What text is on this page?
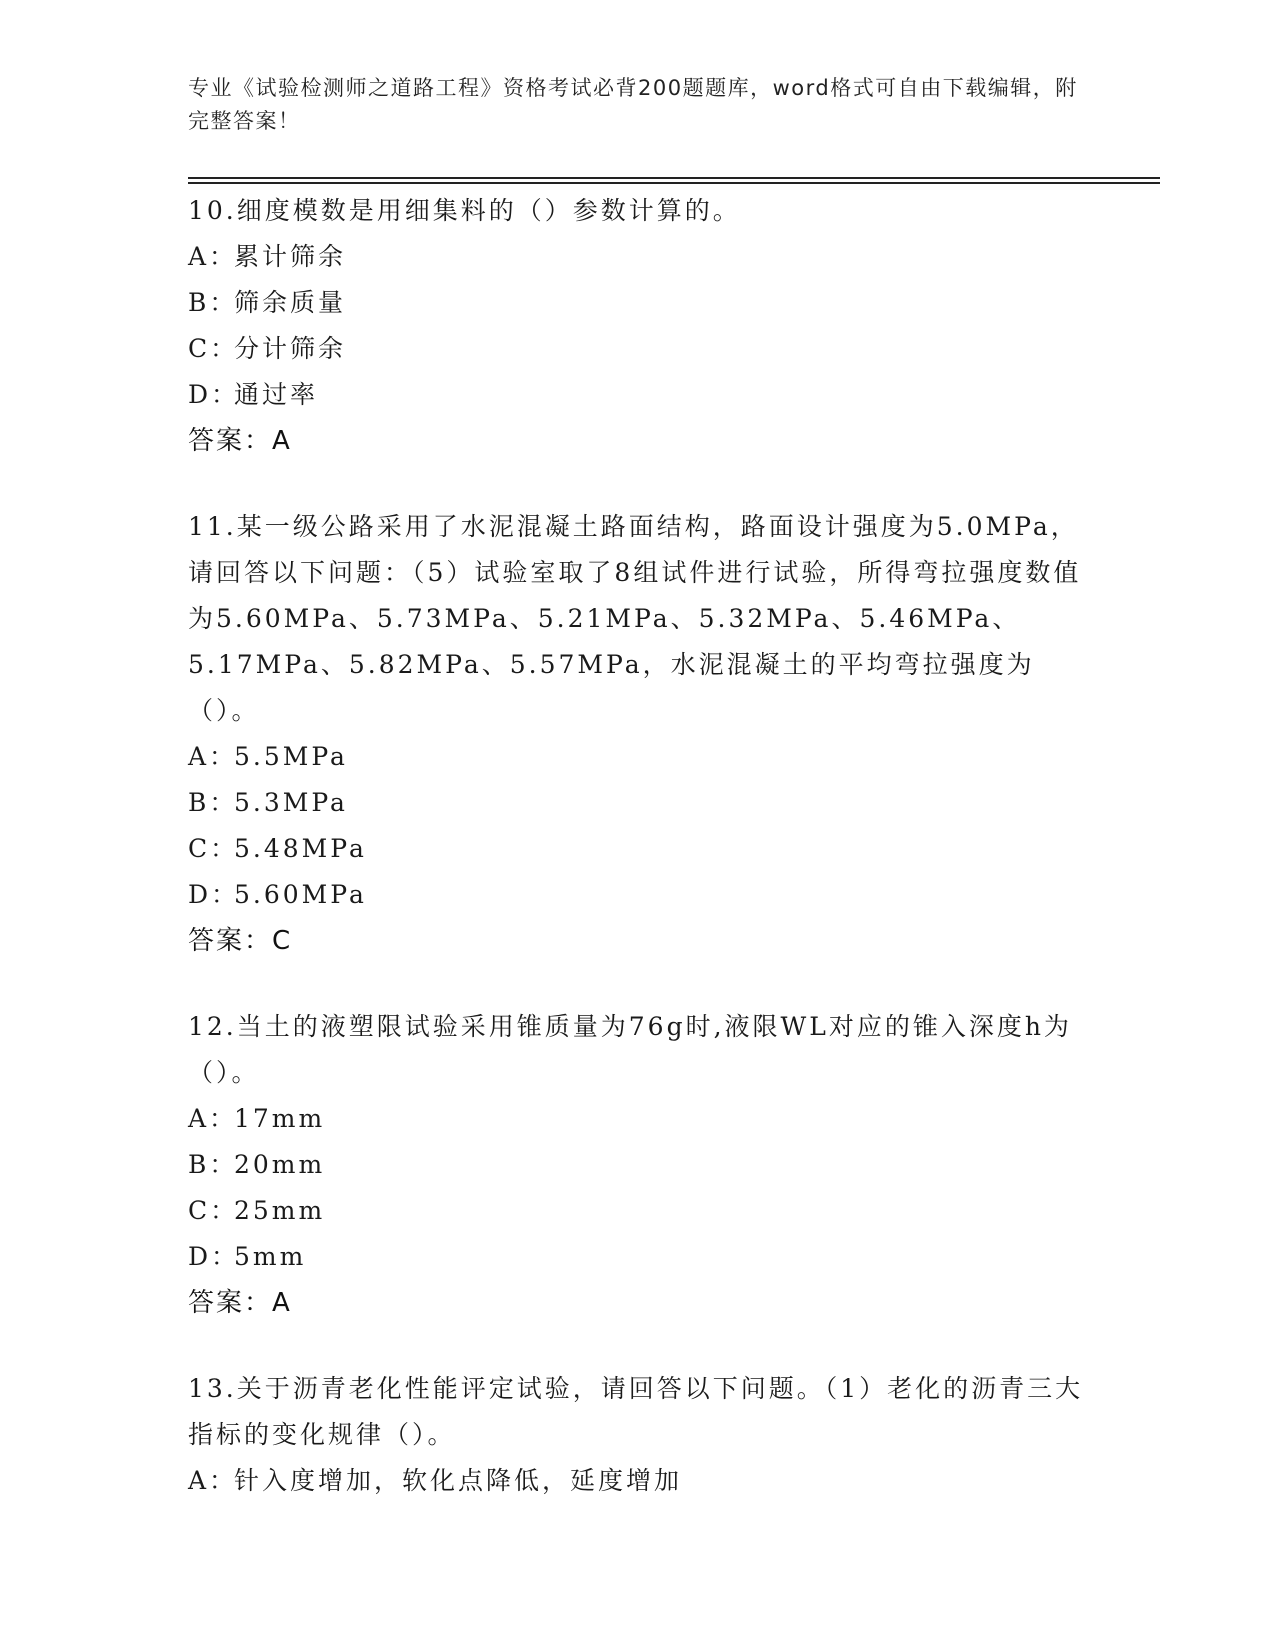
专业《试验检测师之道路工程》资格考试必背200题题库，word格式可自由下载编辑，附完整答案！

10.细度模数是用细集料的（）参数计算的。

A：累计筛余

B：筛余质量

C：分计筛余

D：通过率

答案：A

11.某一级公路采用了水泥混凝土路面结构，路面设计强度为5.0MPa，请回答以下问题：（5）试验室取了8组试件进行试验，所得弯拉强度数值为5.60MPa、5.73MPa、5.21MPa、5.32MPa、5.46MPa、5.17MPa、5.82MPa、5.57MPa，水泥混凝土的平均弯拉强度为（）。

A：5.5MPa

B：5.3MPa

C：5.48MPa

D：5.60MPa

答案：C

12.当土的液塑限试验采用锥质量为76g时,液限WL对应的锥入深度h为（）。

A：17mm

B：20mm

C：25mm

D：5mm

答案：A

13.关于沥青老化性能评定试验，请回答以下问题。（1）老化的沥青三大指标的变化规律（）。

A：针入度增加，软化点降低，延度增加
